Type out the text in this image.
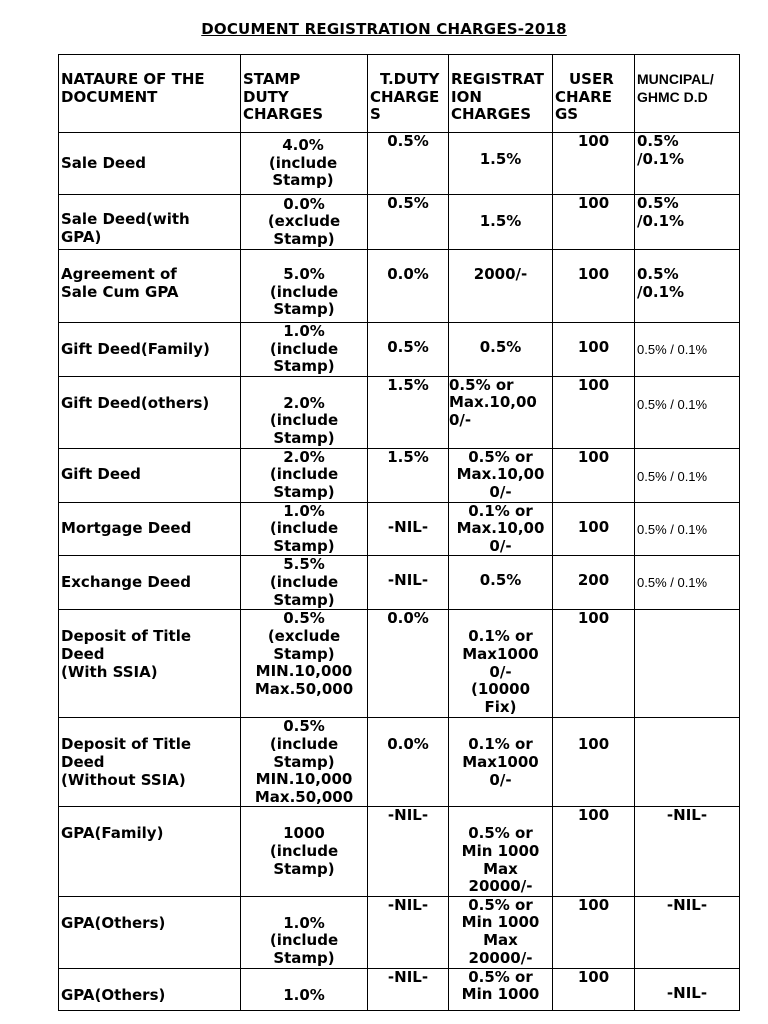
DOCUMENT REGISTRATION CHARGES-2018
NATAURE OF THE
DOCUMENT	STAMP
DUTY
CHARGES	T.DUTY
CHARGE
S	REGISTRAT
ION
CHARGES	USER
CHARE
GS	MUNCIPAL/
GHMC D.D
Sale Deed	4.0%
(include
Stamp)	0.5%	1.5%	100	0.5%
/0.1%
Sale Deed(with
GPA)	0.0%
(exclude
Stamp)	0.5%	1.5%	100	0.5%
/0.1%
Agreement of
Sale Cum GPA	5.0%
(include
Stamp)	0.0%	2000/-	100	0.5%
/0.1%
Gift Deed(Family)	1.0%
(include
Stamp)	0.5%	0.5%	100	0.5% / 0.1%
Gift Deed(others)	2.0%
(include
Stamp)	1.5%	0.5% or
Max.10,00
0/-	100	0.5% / 0.1%
Gift Deed	2.0%
(include
Stamp)	1.5%	0.5% or
Max.10,00
0/-	100	0.5% / 0.1%
Mortgage Deed	1.0%
(include
Stamp)	-NIL-	0.1% or
Max.10,00
0/-	100	0.5% / 0.1%
Exchange Deed	5.5%
(include
Stamp)	-NIL-	0.5%	200	0.5% / 0.1%
Deposit of Title
Deed
(With SSIA)	0.5%
(exclude
Stamp)
MIN.10,000
Max.50,000	0.0%	0.1% or
Max1000
0/-
(10000
Fix)	100	
Deposit of Title
Deed
(Without SSIA)	0.5%
(include
Stamp)
MIN.10,000
Max.50,000	0.0%	0.1% or
Max1000
0/-	100	
GPA(Family)	1000
(include
Stamp)	-NIL-	0.5% or
Min 1000
Max
20000/-	100	-NIL-
GPA(Others)	1.0%
(include
Stamp)	-NIL-	0.5% or
Min 1000
Max
20000/-	100	-NIL-
GPA(Others)	1.0%	-NIL-	0.5% or
Min 1000	100	-NIL-
